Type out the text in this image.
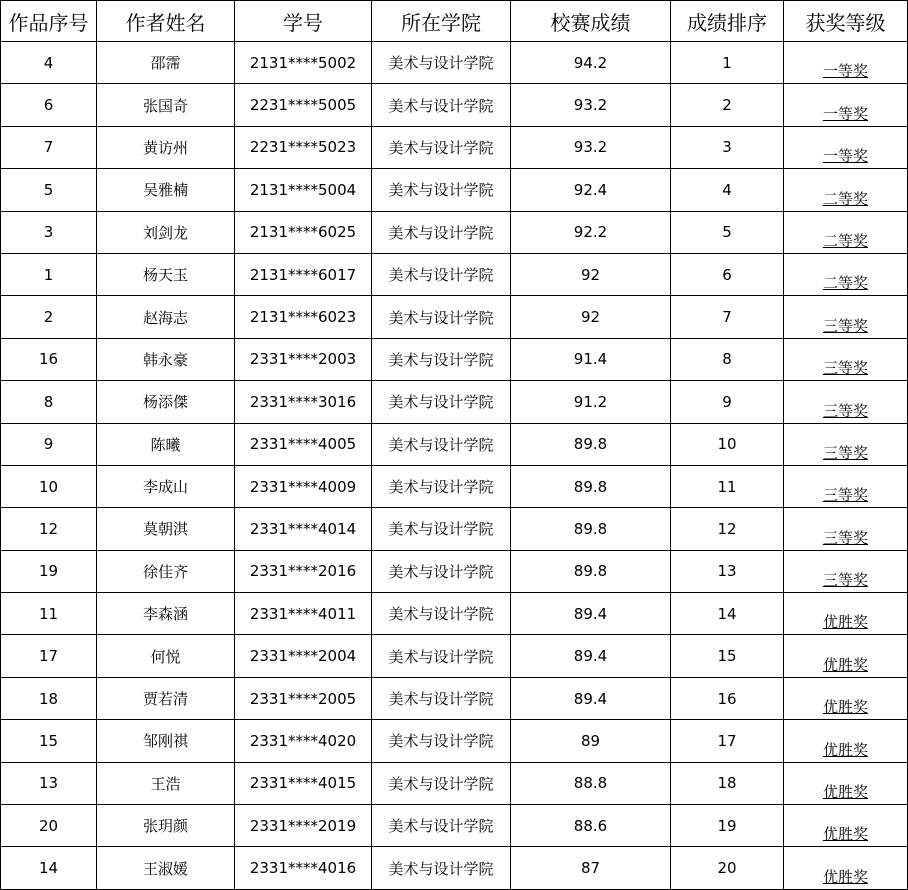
作品序号	作者姓名	学号	所在学院	校赛成绩	成绩排序	获奖等级
4	邵霈	2131****5002	美术与设计学院	94.2	1	一等奖
6	张国奇	2231****5005	美术与设计学院	93.2	2	一等奖
7	黄访州	2231****5023	美术与设计学院	93.2	3	一等奖
5	吴雅楠	2131****5004	美术与设计学院	92.4	4	二等奖
3	刘剑龙	2131****6025	美术与设计学院	92.2	5	二等奖
1	杨天玉	2131****6017	美术与设计学院	92	6	二等奖
2	赵海志	2131****6023	美术与设计学院	92	7	三等奖
16	韩永豪	2331****2003	美术与设计学院	91.4	8	三等奖
8	杨添傑	2331****3016	美术与设计学院	91.2	9	三等奖
9	陈曦	2331****4005	美术与设计学院	89.8	10	三等奖
10	李成山	2331****4009	美术与设计学院	89.8	11	三等奖
12	莫朝淇	2331****4014	美术与设计学院	89.8	12	三等奖
19	徐佳齐	2331****2016	美术与设计学院	89.8	13	三等奖
11	李森涵	2331****4011	美术与设计学院	89.4	14	优胜奖
17	何悦	2331****2004	美术与设计学院	89.4	15	优胜奖
18	贾若清	2331****2005	美术与设计学院	89.4	16	优胜奖
15	邹刚祺	2331****4020	美术与设计学院	89	17	优胜奖
13	王浩	2331****4015	美术与设计学院	88.8	18	优胜奖
20	张玥颜	2331****2019	美术与设计学院	88.6	19	优胜奖
14	王淑媛	2331****4016	美术与设计学院	87	20	优胜奖
